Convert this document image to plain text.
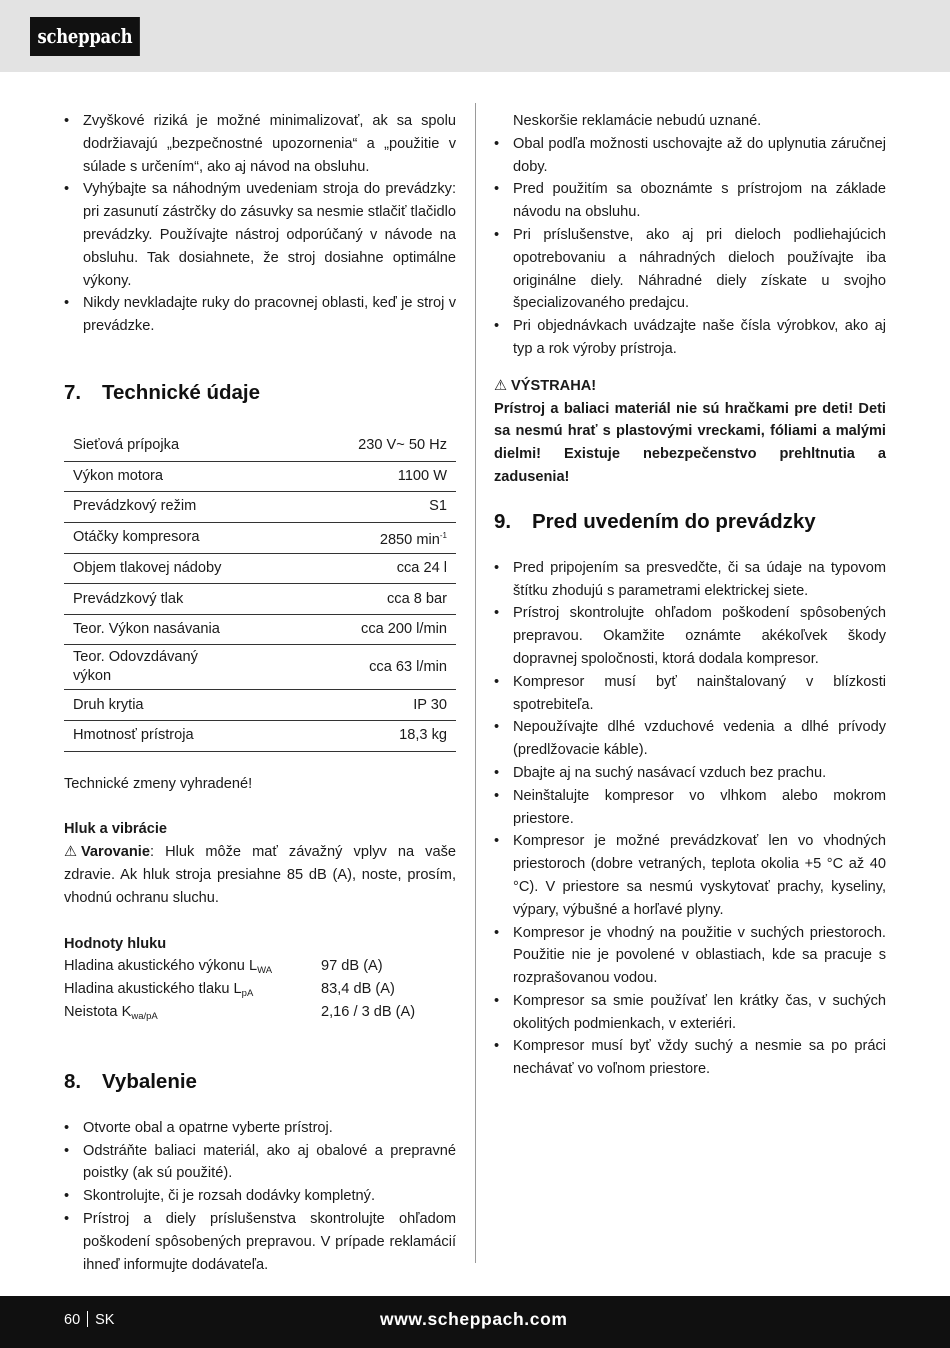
scheppach
• Zvyškové riziká je možné minimalizovať, ak sa spolu dodržiavajú „bezpečnostné upozornenia“ a „použitie v súlade s určením“, ako aj návod na obsluhu.
• Vyhýbajte sa náhodným uvedeniam stroja do prevádzky: pri zasunutí zástrčky do zásuvky sa nesmie stlačiť tlačidlo prevádzky. Používajte nástroj odporúčaný v návode na obsluhu. Tak dosiahnete, že stroj dosiahne optimálne výkony.
• Nikdy nevkladajte ruky do pracovnej oblasti, keď je stroj v prevádzke.
7. Technické údaje
Sieťová prípojka	230 V~ 50 Hz
Výkon motora	1100 W
Prevádzkový režim	S1
Otáčky kompresora	2850 $\min^{-1}$
Objem tlakovej nádoby	cca 24 l
Prevádzkový tlak	cca 8 bar
Teor. Výkon nasávania	cca 200 l/min
Teor. Odovzdávaný výkon	cca 63 l/min
Druh krytia	IP 30
Hmotnosť prístroja	18,3 kg

Technické zmeny vyhradené!

Hluk a vibrácie

⚠ Varovanie: Hluk môže mať závažný vplyv na vaše zdravie. Ak hluk stroja presiahne 85 dB (A), noste, prosím, vhodnú ochranu sluchu.

Hodnoty hluku

Hladina akustického výkonu $L_{WA}$	97 dB (A)
Hladina akustického tlaku $L_{pA}$	83,4 dB (A)
Neistota $K_{wa/pA}$	2,16 / 3 dB (A)
8. Vybalenie
• Otvorte obal a opatrne vyberte prístroj.
• Odstráňte baliaci materiál, ako aj obalové a prepravné poistky (ak sú použité).
• Skontrolujte, či je rozsah dodávky kompletný.
• Prístroj a diely príslušenstva skontrolujte ohľadom poškodení spôsobených prepravou. V prípade reklamácií ihneď informujte dodávateľa.

Neskoršie reklamácie nebudú uznané.

• Obal podľa možnosti uschovajte až do uplynutia záručnej doby.
• Pred použitím sa oboznámte s prístrojom na základe návodu na obsluhu.
• Pri príslušenstve, ako aj pri dieloch podliehajúcich opotrebovaniu a náhradných dieloch používajte iba originálne diely. Náhradné diely získate u svojho špecializovaného predajcu.
• Pri objednávkach uvádzajte naše čísla výrobkov, ako aj typ a rok výroby prístroja.

⚠ VÝSTRAHA!

Prístroj a baliaci materiál nie sú hračkami pre deti! Deti sa nesmú hrať s plastovými vreckami, fóliami a malými dielmi! Existuje nebezpečenstvo prehltnutia a zadusenia!

9. Pred uvedením do prevádzky
• Pred pripojením sa presvedčte, či sa údaje na typovom štítku zhodujú s parametrami elektrickej siete.
• Prístroj skontrolujte ohľadom poškodení spôsobených prepravou. Okamžite oznámte akékoľvek škody dopravnej spoločnosti, ktorá dodala kompresor.
• Kompresor musí byť nainštalovaný v blízkosti spotrebiteľa.
• Nepoužívajte dlhé vzduchové vedenia a dlhé prívody (predlžovacie káble).
• Dbajte aj na suchý nasávací vzduch bez prachu.
• Neinštalujte kompresor vo vlhkom alebo mokrom priestore.
• Kompresor je možné prevádzkovať len vo vhodných priestoroch (dobre vetraných, teplota okolia +5 °C až 40 °C). V priestore sa nesmú vyskytovať prachy, kyseliny, výpary, výbušné a horľavé plyny.
• Kompresor je vhodný na použitie v suchých priestoroch. Použitie nie je povolené v oblastiach, kde sa pracuje s rozprašovanou vodou.
• Kompresor sa smie používať len krátky čas, v suchých okolitých podmienkach, v exteriéri.
• Kompresor musí byť vždy suchý a nesmie sa po práci nechávať vo voľnom priestore.
60 SK	www.scheppach.com
